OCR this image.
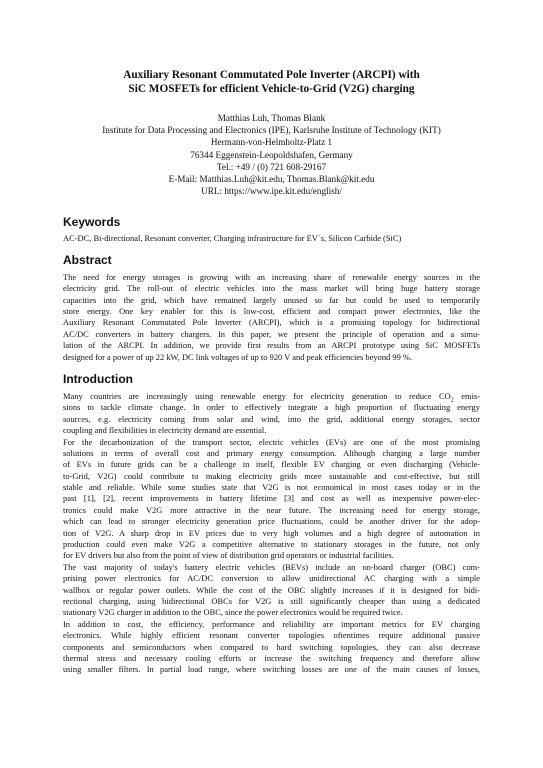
Auxiliary Resonant Commutated Pole Inverter (ARCPI) with

SiC MOSFETs for efficient Vehicle-to-Grid (V2G) charging

Matthias Luh, Thomas Blank
Institute for Data Processing and Electronics (IPE), Karlsruhe Institute of Technology (KIT)
Hermann-von-Helmholtz-Platz 1
76344 Eggenstein-Leopoldshafen, Germany
Tel.: +49 / (0) 721 608-29167
E-Mail: Matthias.Luh@kit.edu, Thomas.Blank@kit.edu
URL: https://www.ipe.kit.edu/english/
Keywords

AC-DC, Bi-directional, Resonant converter, Charging infrastructure for EV´s, Silicon Carbide (SiC)

Abstract

The need for energy storages is growing with an increasing share of renewable energy sources in the
electricity grid. The roll-out of electric vehicles into the mass market will bring huge battery storage
capacities into the grid, which have remained largely unused so far but could be used to temporarily
store energy. One key enabler for this is low-cost, efficient and compact power electronics, like the
Auxiliary Resonant Commutated Pole Inverter (ARCPI), which is a promising topology for bidirectional
AC/DC converters in battery chargers. In this paper, we present the principle of operation and a simu-
lation of the ARCPI. In addition, we provide first results from an ARCPI prototype using SiC MOSFETs
designed for a power of up 22 kW, DC link voltages of up to 920 V and peak efficiencies beyond 99 %.

Introduction

Many countries are increasingly using renewable energy for electricity generation to reduce $CO_2$ emis-
sions to tackle climate change. In order to effectively integrate a high proportion of fluctuating energy
sources, e.g. electricity coming from solar and wind, into the grid, additional energy storages, sector
coupling and flexibilities in electricity demand are essential.
For the decarbonization of the transport sector, electric vehicles (EVs) are one of the most promising
solutions in terms of overall cost and primary energy consumption. Although charging a large number
of EVs in future grids can be a challenge in itself, flexible EV charging or even discharging (Vehicle-
to-Grid, V2G) could contribute to making electricity grids more sustainable and cost-effective, but still
stable and reliable. While some studies state that V2G is not economical in most cases today or in the
past [1], [2], recent improvements in battery lifetime [3] and cost as well as inexpensive power-elec-
tronics could make V2G more attractive in the near future. The increasing need for energy storage,
which can lead to stronger electricity generation price fluctuations, could be another driver for the adop-
tion of V2G. A sharp drop in EV prices due to very high volumes and a high degree of automation in
production could even make V2G a competitive alternative to stationary storages in the future, not only
for EV drivers but also from the point of view of distribution grid operators or industrial facilities.
The vast majority of today's battery electric vehicles (BEVs) include an on-board charger (OBC) com-
prising power electronics for AC/DC conversion to allow unidirectional AC charging with a simple
wallbox or regular power outlets. While the cost of the OBC slightly increases if it is designed for bidi-
rectional charging, using bidirectional OBCs for V2G is still significantly cheaper than using a dedicated
stationary V2G charger in addition to the OBC, since the power electronics would be required twice.
In addition to cost, the efficiency, performance and reliability are important metrics for EV charging
electronics. While highly efficient resonant converter topologies oftentimes require additional passive
components and semiconductors when compared to hard switching topologies, they can also decrease
thermal stress and necessary cooling efforts or increase the switching frequency and therefore allow
using smaller filters. In partial load range, where switching losses are one of the main causes of losses,
